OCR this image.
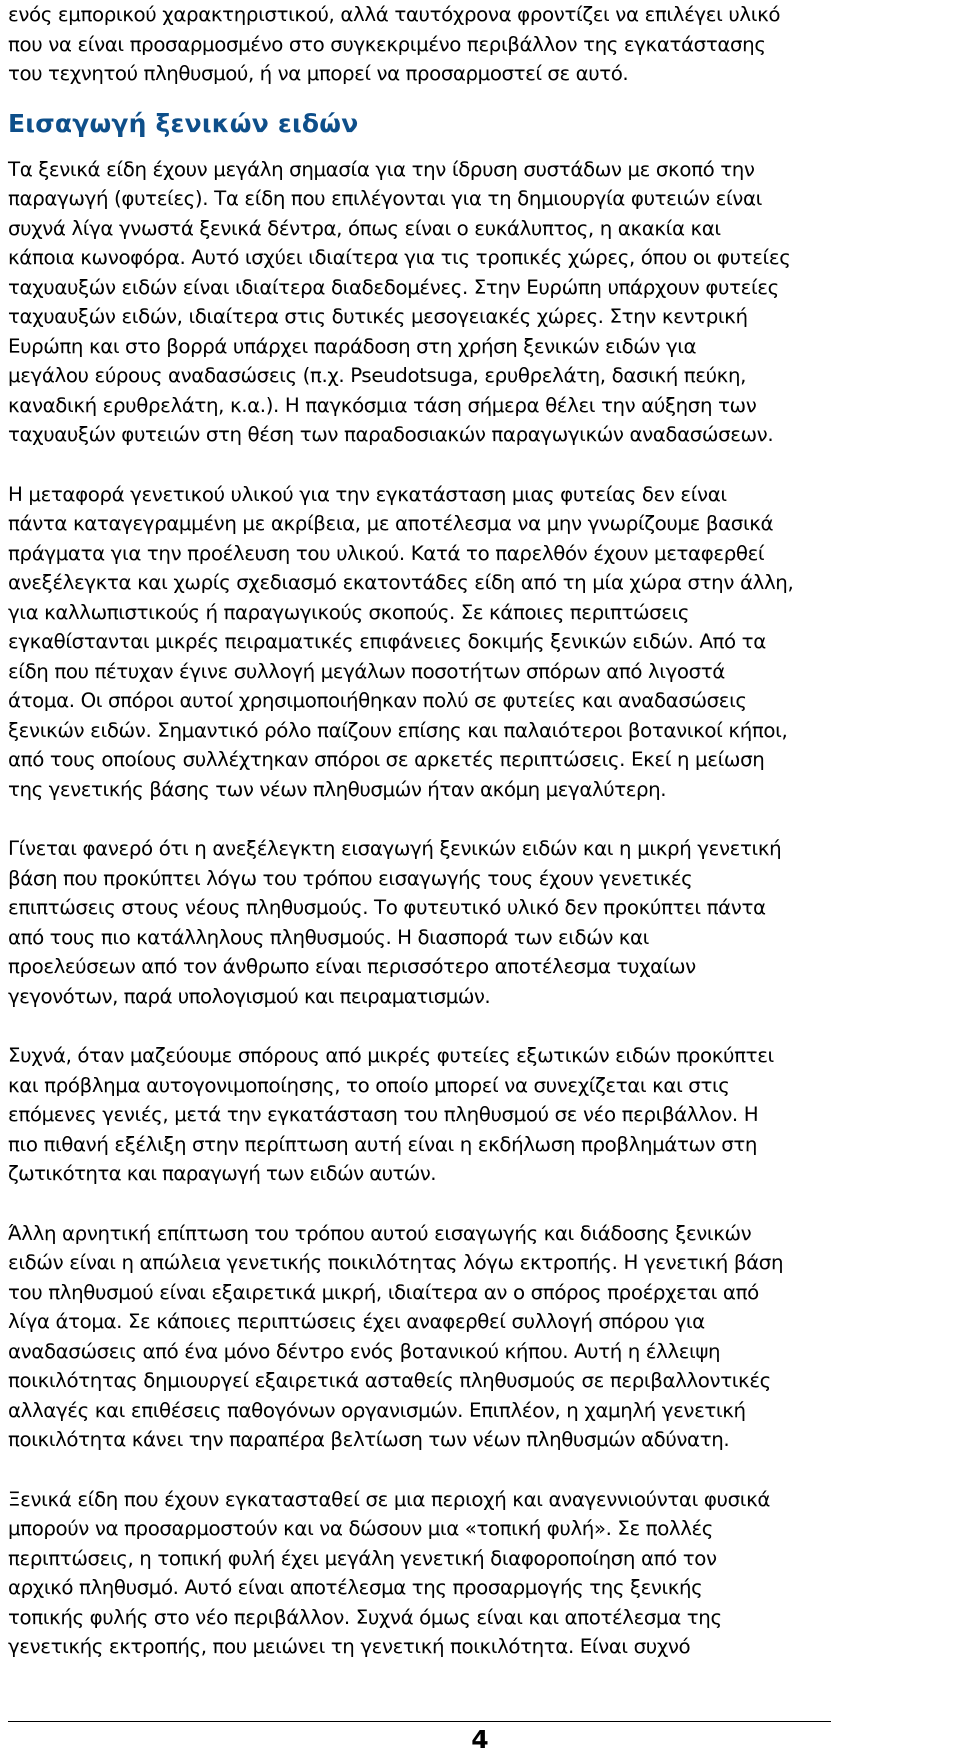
ενός εμπορικού χαρακτηριστικού, αλλά ταυτόχρονα φροντίζει να επιλέγει υλικό
που να είναι προσαρμοσμένο στο συγκεκριμένο περιβάλλον της εγκατάστασης
του τεχνητού πληθυσμού, ή να μπορεί να προσαρμοστεί σε αυτό.

Εισαγωγή ξενικών ειδών

Τα ξενικά είδη έχουν μεγάλη σημασία για την ίδρυση συστάδων με σκοπό την
παραγωγή (φυτείες). Τα είδη που επιλέγονται για τη δημιουργία φυτειών είναι
συχνά λίγα γνωστά ξενικά δέντρα, όπως είναι ο ευκάλυπτος, η ακακία και
κάποια κωνοφόρα. Αυτό ισχύει ιδιαίτερα για τις τροπικές χώρες, όπου οι φυτείες
ταχυαυξών ειδών είναι ιδιαίτερα διαδεδομένες. Στην Ευρώπη υπάρχουν φυτείες
ταχυαυξών ειδών, ιδιαίτερα στις δυτικές μεσογειακές χώρες. Στην κεντρική
Ευρώπη και στο βορρά υπάρχει παράδοση στη χρήση ξενικών ειδών για
μεγάλου εύρους αναδασώσεις (π.χ. Pseudotsuga, ερυθρελάτη, δασική πεύκη,
καναδική ερυθρελάτη, κ.α.). Η παγκόσμια τάση σήμερα θέλει την αύξηση των
ταχυαυξών φυτειών στη θέση των παραδοσιακών παραγωγικών αναδασώσεων.

Η μεταφορά γενετικού υλικού για την εγκατάσταση μιας φυτείας δεν είναι
πάντα καταγεγραμμένη με ακρίβεια, με αποτέλεσμα να μην γνωρίζουμε βασικά
πράγματα για την προέλευση του υλικού. Κατά το παρελθόν έχουν μεταφερθεί
ανεξέλεγκτα και χωρίς σχεδιασμό εκατοντάδες είδη από τη μία χώρα στην άλλη,
για καλλωπιστικούς ή παραγωγικούς σκοπούς. Σε κάποιες περιπτώσεις
εγκαθίστανται μικρές πειραματικές επιφάνειες δοκιμής ξενικών ειδών. Από τα
είδη που πέτυχαν έγινε συλλογή μεγάλων ποσοτήτων σπόρων από λιγοστά
άτομα. Οι σπόροι αυτοί χρησιμοποιήθηκαν πολύ σε φυτείες και αναδασώσεις
ξενικών ειδών. Σημαντικό ρόλο παίζουν επίσης και παλαιότεροι βοτανικοί κήποι,
από τους οποίους συλλέχτηκαν σπόροι σε αρκετές περιπτώσεις. Εκεί η μείωση
της γενετικής βάσης των νέων πληθυσμών ήταν ακόμη μεγαλύτερη.

Γίνεται φανερό ότι η ανεξέλεγκτη εισαγωγή ξενικών ειδών και η μικρή γενετική
βάση που προκύπτει λόγω του τρόπου εισαγωγής τους έχουν γενετικές
επιπτώσεις στους νέους πληθυσμούς. Το φυτευτικό υλικό δεν προκύπτει πάντα
από τους πιο κατάλληλους πληθυσμούς. Η διασπορά των ειδών και
προελεύσεων από τον άνθρωπο είναι περισσότερο αποτέλεσμα τυχαίων
γεγονότων, παρά υπολογισμού και πειραματισμών.

Συχνά, όταν μαζεύουμε σπόρους από μικρές φυτείες εξωτικών ειδών προκύπτει
και πρόβλημα αυτογονιμοποίησης, το οποίο μπορεί να συνεχίζεται και στις
επόμενες γενιές, μετά την εγκατάσταση του πληθυσμού σε νέο περιβάλλον. Η
πιο πιθανή εξέλιξη στην περίπτωση αυτή είναι η εκδήλωση προβλημάτων στη
ζωτικότητα και παραγωγή των ειδών αυτών.

Άλλη αρνητική επίπτωση του τρόπου αυτού εισαγωγής και διάδοσης ξενικών
ειδών είναι η απώλεια γενετικής ποικιλότητας λόγω εκτροπής. Η γενετική βάση
του πληθυσμού είναι εξαιρετικά μικρή, ιδιαίτερα αν ο σπόρος προέρχεται από
λίγα άτομα. Σε κάποιες περιπτώσεις έχει αναφερθεί συλλογή σπόρου για
αναδασώσεις από ένα μόνο δέντρο ενός βοτανικού κήπου. Αυτή η έλλειψη
ποικιλότητας δημιουργεί εξαιρετικά ασταθείς πληθυσμούς σε περιβαλλοντικές
αλλαγές και επιθέσεις παθογόνων οργανισμών. Επιπλέον, η χαμηλή γενετική
ποικιλότητα κάνει την παραπέρα βελτίωση των νέων πληθυσμών αδύνατη.

Ξενικά είδη που έχουν εγκατασταθεί σε μια περιοχή και αναγεννιούνται φυσικά
μπορούν να προσαρμοστούν και να δώσουν μια «τοπική φυλή». Σε πολλές
περιπτώσεις, η τοπική φυλή έχει μεγάλη γενετική διαφοροποίηση από τον
αρχικό πληθυσμό. Αυτό είναι αποτέλεσμα της προσαρμογής της ξενικής
τοπικής φυλής στο νέο περιβάλλον. Συχνά όμως είναι και αποτέλεσμα της
γενετικής εκτροπής, που μειώνει τη γενετική ποικιλότητα. Είναι συχνό

4
